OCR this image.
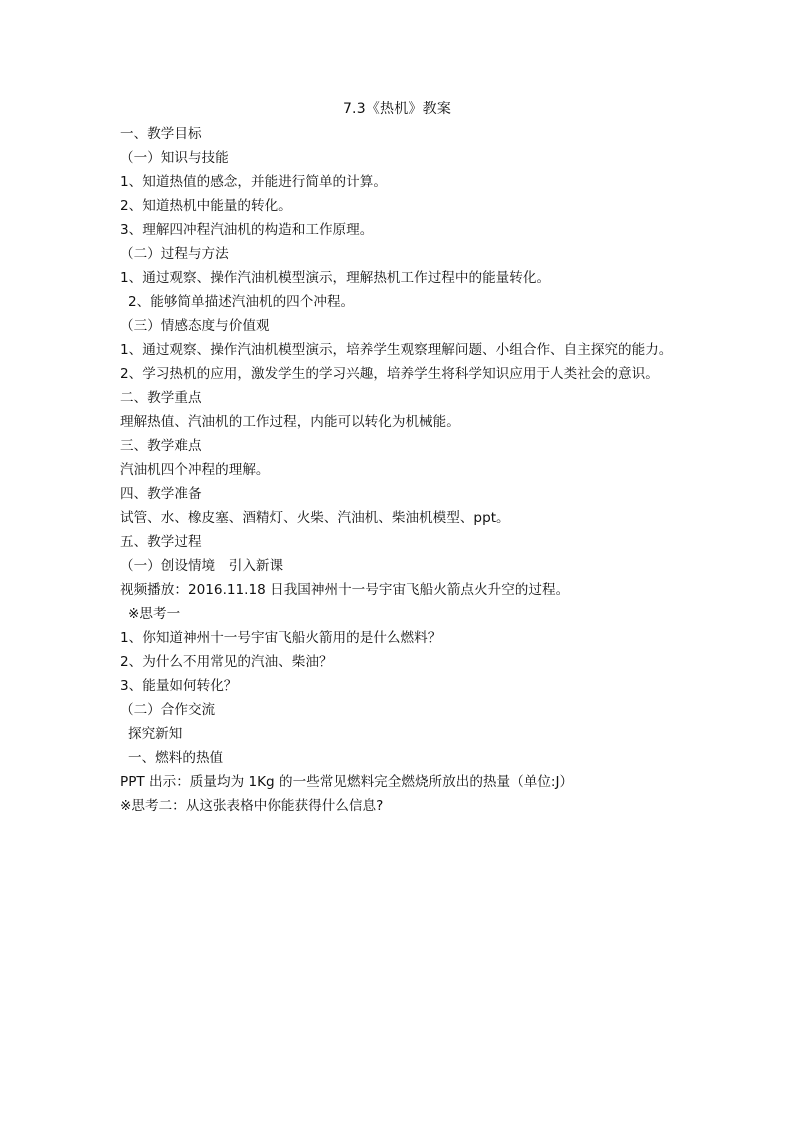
7.3《热机》教案

一、教学目标

（一）知识与技能

1、知道热值的感念，并能进行简单的计算。

2、知道热机中能量的转化。

3、理解四冲程汽油机的构造和工作原理。

（二）过程与方法

1、通过观察、操作汽油机模型演示，理解热机工作过程中的能量转化。

2、能够简单描述汽油机的四个冲程。

（三）情感态度与价值观

1、通过观察、操作汽油机模型演示，培养学生观察理解问题、小组合作、自主探究的能力。

2、学习热机的应用，激发学生的学习兴趣，培养学生将科学知识应用于人类社会的意识。

二、教学重点

理解热值、汽油机的工作过程，内能可以转化为机械能。

三、教学难点

汽油机四个冲程的理解。

四、教学准备

试管、水、橡皮塞、酒精灯、火柴、汽油机、柴油机模型、ppt。

五、教学过程

（一）创设情境　引入新课

视频播放：2016.11.18 日我国神州十一号宇宙飞船火箭点火升空的过程。

※思考一

1、你知道神州十一号宇宙飞船火箭用的是什么燃料？

2、为什么不用常见的汽油、柴油？

3、能量如何转化？

（二）合作交流

探究新知

一、燃料的热值

PPT 出示：质量均为 1Kg 的一些常见燃料完全燃烧所放出的热量（单位:J）

※思考二：从这张表格中你能获得什么信息?
